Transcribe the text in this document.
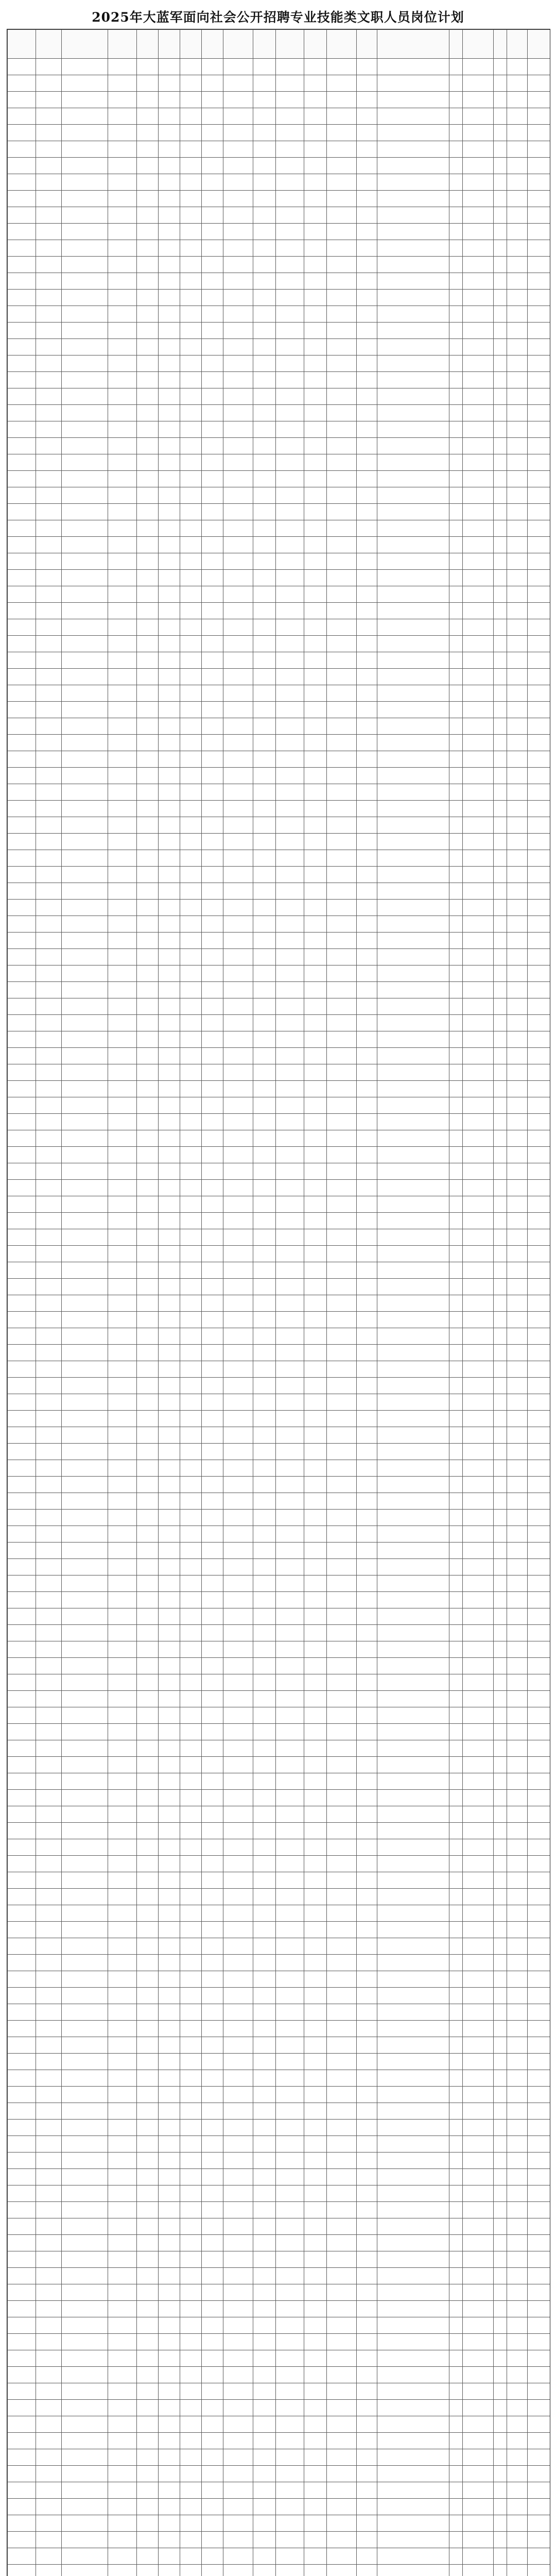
2025年大蓝军面向社会公开招聘专业技能类文职人员岗位计划
